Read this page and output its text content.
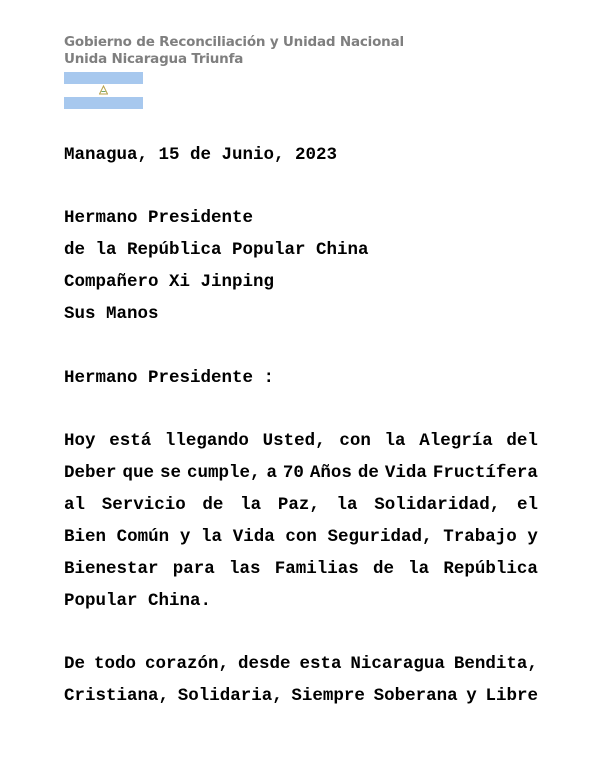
Gobierno de Reconciliación y Unidad Nacional
Unida Nicaragua Triunfa
Managua, 15 de Junio, 2023
Hermano Presidente
de la República Popular China
Compañero Xi Jinping
Sus Manos
Hermano Presidente :
Hoy está llegando Usted, con la Alegría del
Deber que se cumple, a 70 Años de Vida Fructífera
al Servicio de la Paz, la Solidaridad, el
Bien Común y la Vida con Seguridad, Trabajo y
Bienestar para las Familias de la República
Popular China.
De todo corazón, desde esta Nicaragua Bendita,
Cristiana, Solidaria, Siempre Soberana y Libre
